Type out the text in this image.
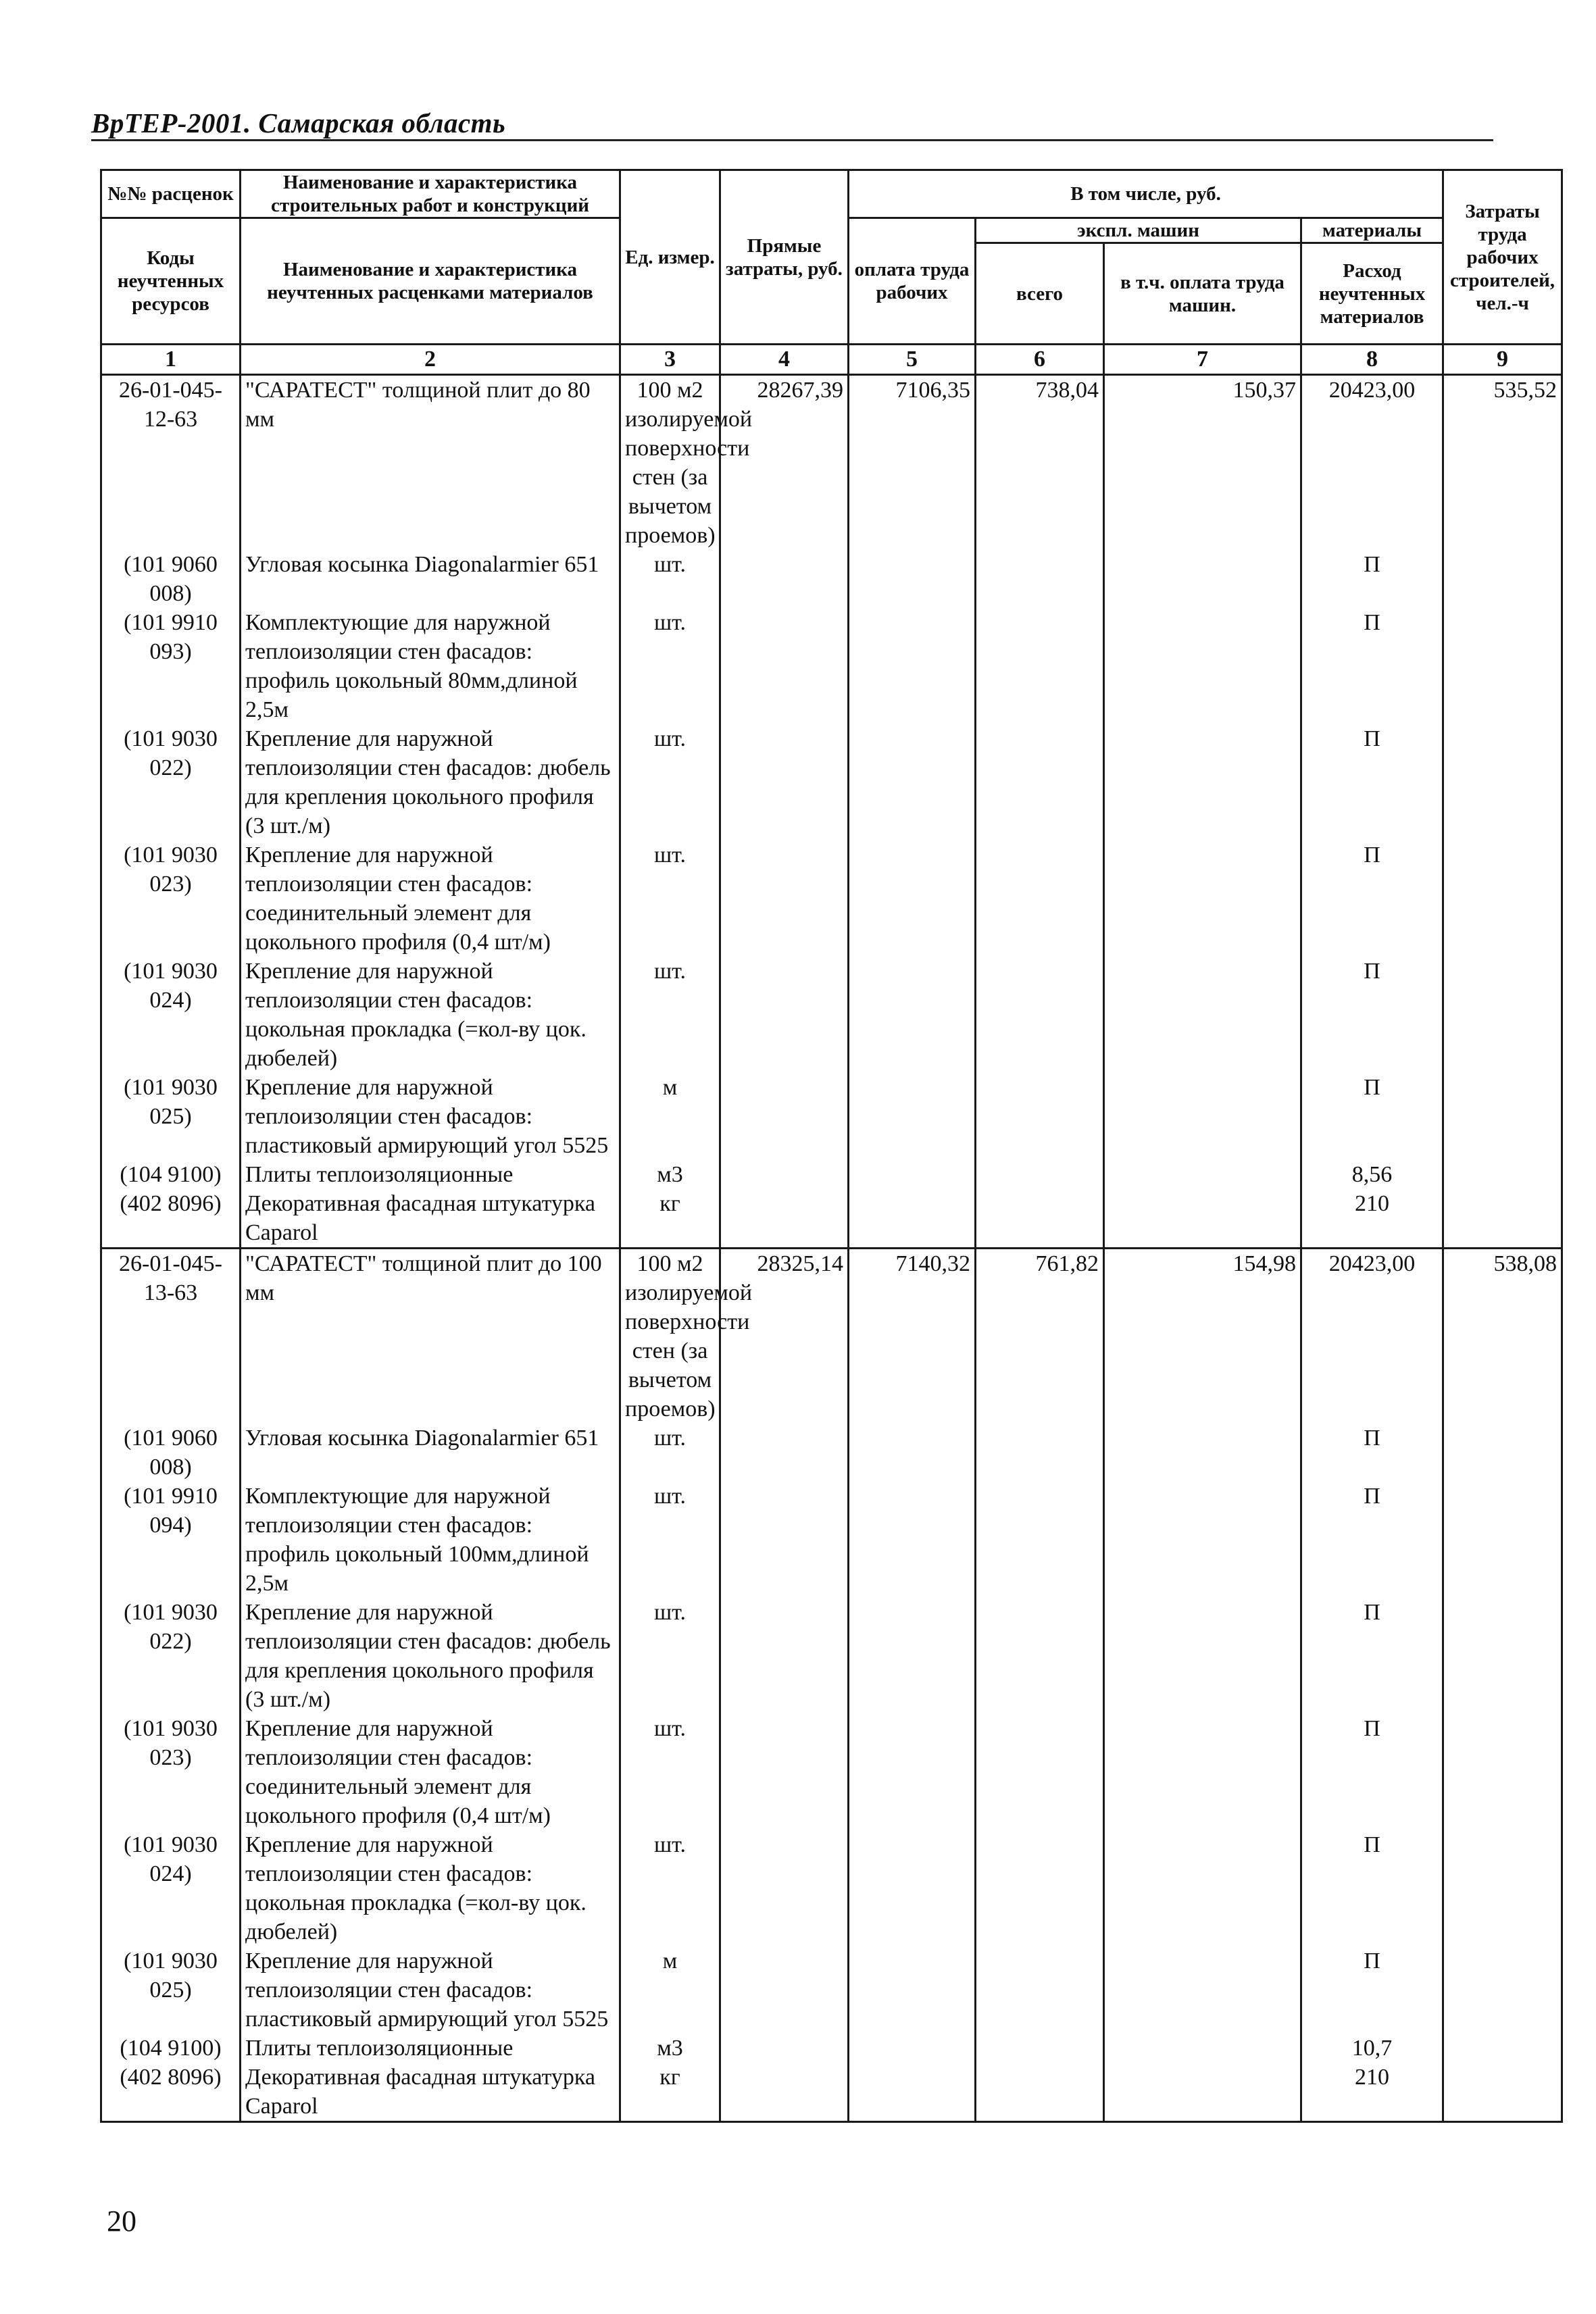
ВрТЕР-2001. Самарская область
№№ расценок	Наименование и характеристика строительных работ и конструкций	Ед. измер.	Прямые затраты, руб.	В том числе, руб.				Затраты труда рабочих строителей, чел.-ч
Коды неучтенных ресурсов	Наименование и характеристика неучтенных расценками материалов			оплата труда рабочих	экспл. машин		материалы	
					всего	в т.ч. оплата труда машин.	Расход неучтенных материалов	
1	2	3	4	5	6	7	8	9
26-01-045-12-63	"САРАТЕСТ" толщиной плит до 80 мм	100 м2 изолируемой поверхности стен (за вычетом проемов)	28267,39	7106,35	738,04	150,37	20423,00	535,52
(101 9060 008)	Угловая косынка Diagonalarmier 651	шт.					П	
(101 9910 093)	Комплектующие для наружной теплоизоляции стен фасадов: профиль цокольный 80мм,длиной 2,5м	шт.					П	
(101 9030 022)	Крепление для наружной теплоизоляции стен фасадов: дюбель для крепления цокольного профиля (3 шт./м)	шт.					П	
(101 9030 023)	Крепление для наружной теплоизоляции стен фасадов: соединительный элемент для цокольного профиля (0,4 шт/м)	шт.					П	
(101 9030 024)	Крепление для наружной теплоизоляции стен фасадов: цокольная прокладка (=кол-ву цок. дюбелей)	шт.					П	
(101 9030 025)	Крепление для наружной теплоизоляции стен фасадов: пластиковый армирующий угол 5525	м					П	
(104 9100)	Плиты теплоизоляционные	м3					8,56	
(402 8096)	Декоративная фасадная штукатурка Caparol	кг					210	
26-01-045-13-63	"САРАТЕСТ" толщиной плит до 100 мм	100 м2 изолируемой поверхности стен (за вычетом проемов)	28325,14	7140,32	761,82	154,98	20423,00	538,08
(101 9060 008)	Угловая косынка Diagonalarmier 651	шт.					П	
(101 9910 094)	Комплектующие для наружной теплоизоляции стен фасадов: профиль цокольный 100мм,длиной 2,5м	шт.					П	
(101 9030 022)	Крепление для наружной теплоизоляции стен фасадов: дюбель для крепления цокольного профиля (3 шт./м)	шт.					П	
(101 9030 023)	Крепление для наружной теплоизоляции стен фасадов: соединительный элемент для цокольного профиля (0,4 шт/м)	шт.					П	
(101 9030 024)	Крепление для наружной теплоизоляции стен фасадов: цокольная прокладка (=кол-ву цок. дюбелей)	шт.					П	
(101 9030 025)	Крепление для наружной теплоизоляции стен фасадов: пластиковый армирующий угол 5525	м					П	
(104 9100)	Плиты теплоизоляционные	м3					10,7	
(402 8096)	Декоративная фасадная штукатурка Caparol	кг					210	
20
